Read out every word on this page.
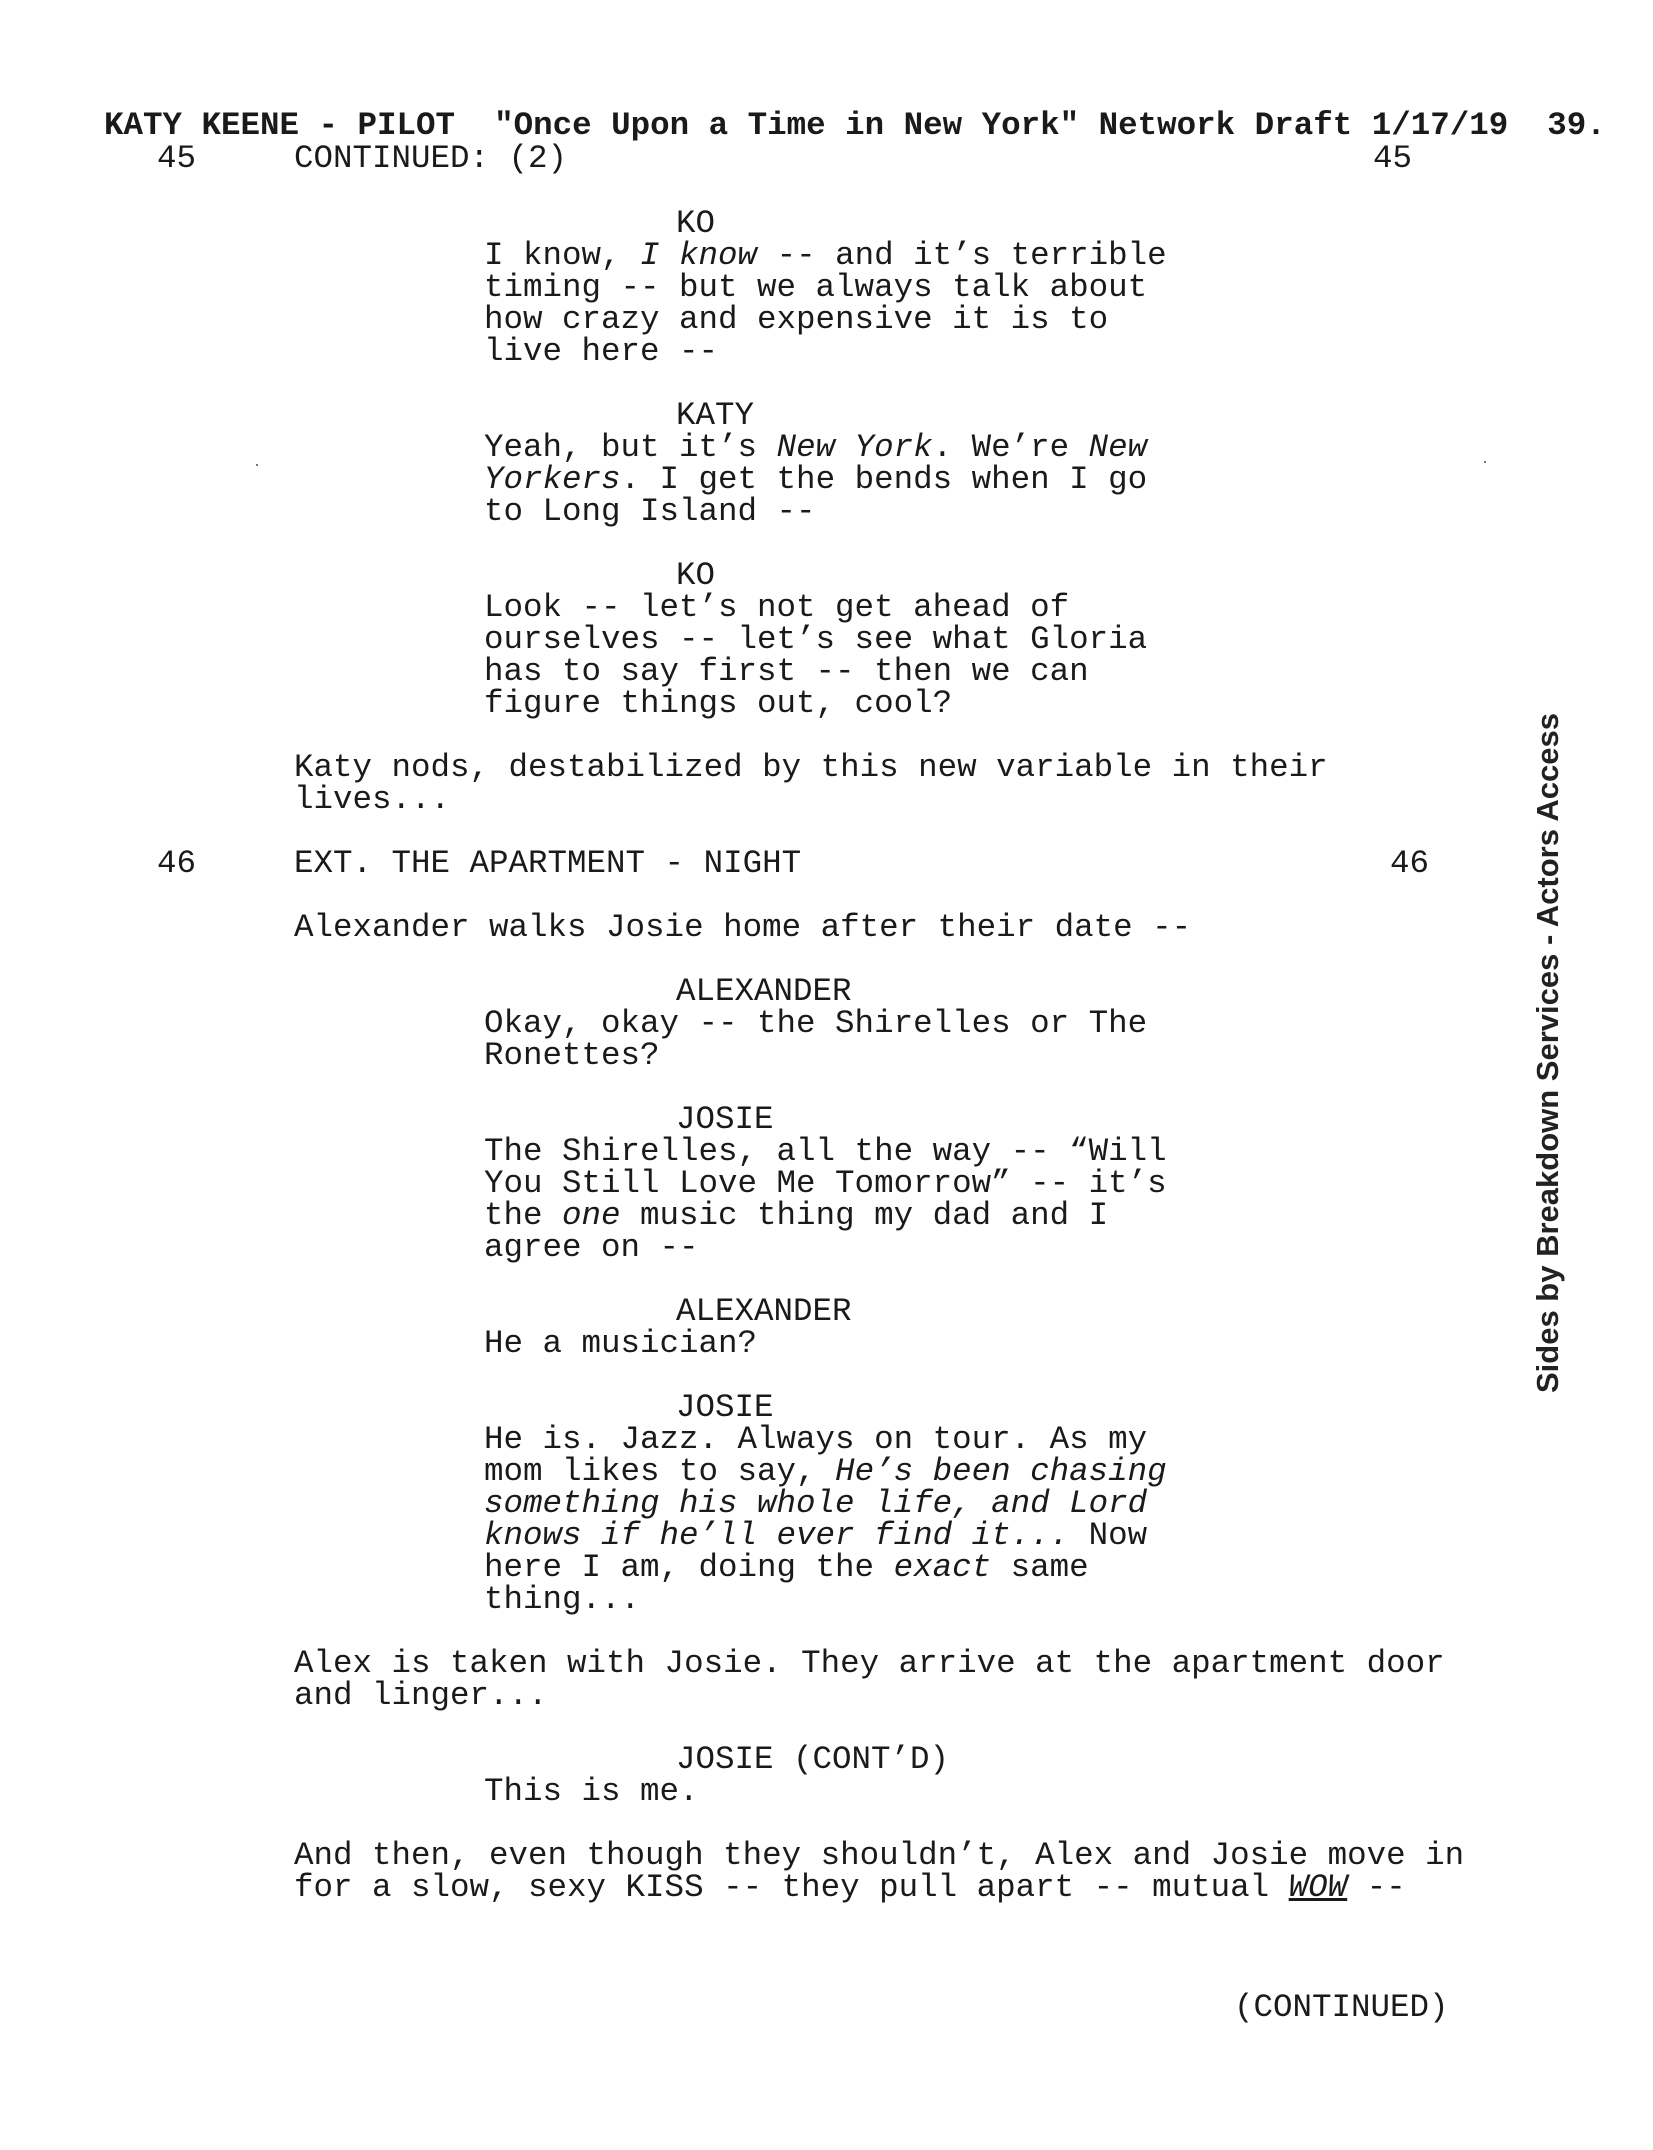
KATY KEENE - PILOT  "Once Upon a Time in New York" Network Draft 1/17/19  39.
45	CONTINUED: (2)	45
KO
I know, I know -- and it’s terrible
timing -- but we always talk about
how crazy and expensive it is to
live here --
KATY
Yeah, but it’s New York. We’re New
Yorkers. I get the bends when I go
to Long Island --
KO
Look -- let’s not get ahead of
ourselves -- let’s see what Gloria
has to say first -- then we can
figure things out, cool?
Katy nods, destabilized by this new variable in their
lives...
46	EXT. THE APARTMENT - NIGHT	46
Alexander walks Josie home after their date --
ALEXANDER
Okay, okay -- the Shirelles or The
Ronettes?
JOSIE
The Shirelles, all the way -- “Will
You Still Love Me Tomorrow” -- it’s
the one music thing my dad and I
agree on --
ALEXANDER
He a musician?
JOSIE
He is. Jazz. Always on tour. As my
mom likes to say, He’s been chasing
something his whole life, and Lord
knows if he’ll ever find it... Now
here I am, doing the exact same
thing...
Alex is taken with Josie. They arrive at the apartment door
and linger...
JOSIE (CONT’D)
This is me.
And then, even though they shouldn’t, Alex and Josie move in
for a slow, sexy KISS -- they pull apart -- mutual WOW --
(CONTINUED)
Sides by Breakdown Services - Actors Access
